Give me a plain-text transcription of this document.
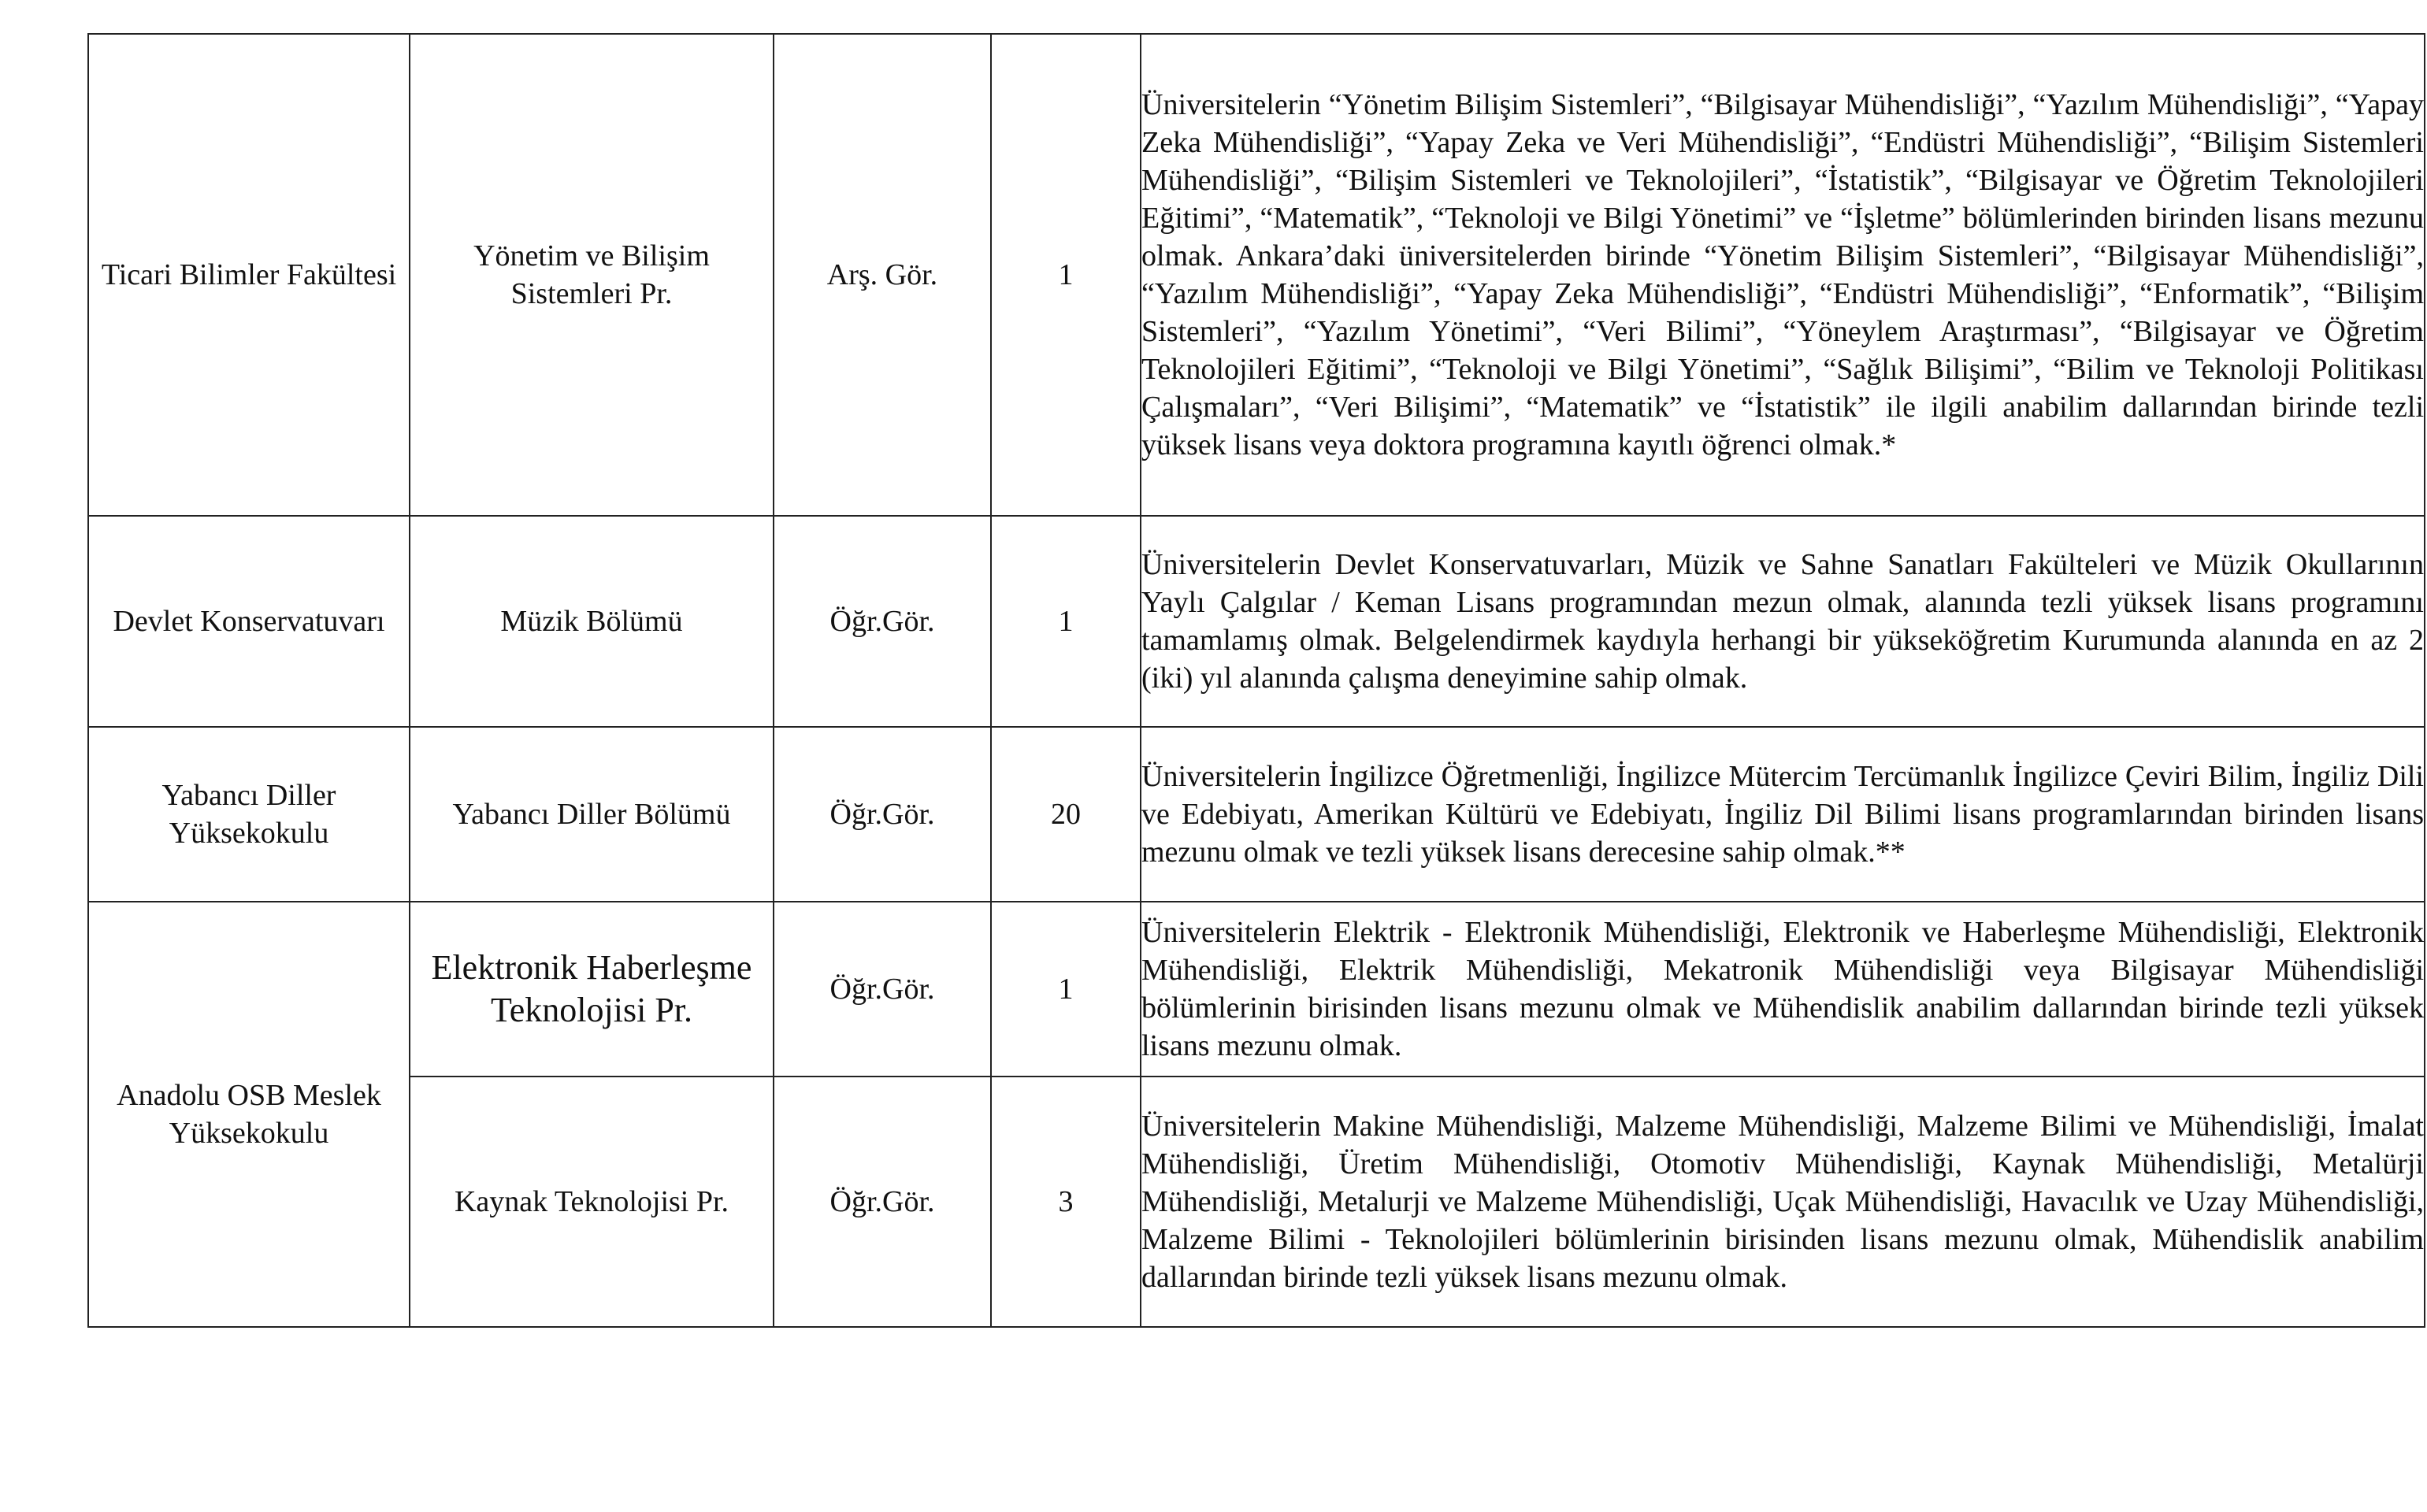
Ticari Bilimler Fakültesi	Yönetim ve Bilişim Sistemleri Pr.	Arş. Gör.	1	Üniversitelerin “Yönetim Bilişim Sistemleri”, “Bilgisayar Mühendisliği”, “Yazılım Mühendisliği”, “Yapay Zeka Mühendisliği”, “Yapay Zeka ve Veri Mühendisliği”, “Endüstri Mühendisliği”, “Bilişim Sistemleri Mühendisliği”, “Bilişim Sistemleri ve Teknolojileri”, “İstatistik”, “Bilgisayar ve Öğretim Teknolojileri Eğitimi”, “Matematik”, “Teknoloji ve Bilgi Yönetimi” ve “İşletme” bölümlerinden birinden lisans mezunu olmak. Ankara’daki üniversitelerden birinde “Yönetim Bilişim Sistemleri”, “Bilgisayar Mühendisliği”, “Yazılım Mühendisliği”, “Yapay Zeka Mühendisliği”, “Endüstri Mühendisliği”, “Enformatik”, “Bilişim Sistemleri”, “Yazılım Yönetimi”, “Veri Bilimi”, “Yöneylem Araştırması”, “Bilgisayar ve Öğretim Teknolojileri Eğitimi”, “Teknoloji ve Bilgi Yönetimi”, “Sağlık Bilişimi”, “Bilim ve Teknoloji Politikası Çalışmaları”, “Veri Bilişimi”, “Matematik” ve “İstatistik” ile ilgili anabilim dallarından birinde tezli yüksek lisans veya doktora programına kayıtlı öğrenci olmak.*
Devlet Konservatuvarı	Müzik Bölümü	Öğr.Gör.	1	Üniversitelerin Devlet Konservatuvarları, Müzik ve Sahne Sanatları Fakülteleri ve Müzik Okullarının Yaylı Çalgılar / Keman Lisans programından mezun olmak, alanında tezli yüksek lisans programını tamamlamış olmak. Belgelendirmek kaydıyla herhangi bir yükseköğretim Kurumunda alanında en az 2 (iki) yıl alanında çalışma deneyimine sahip olmak.
Yabancı Diller Yüksekokulu	Yabancı Diller Bölümü	Öğr.Gör.	20	Üniversitelerin İngilizce Öğretmenliği, İngilizce Mütercim Tercümanlık İngilizce Çeviri Bilim, İngiliz Dili ve Edebiyatı, Amerikan Kültürü ve Edebiyatı, İngiliz Dil Bilimi lisans programlarından birinden lisans mezunu olmak ve tezli yüksek lisans derecesine sahip olmak.**
Anadolu OSB Meslek Yüksekokulu	Elektronik Haberleşme Teknolojisi Pr.	Öğr.Gör.	1	Üniversitelerin Elektrik - Elektronik Mühendisliği, Elektronik ve Haberleşme Mühendisliği, Elektronik Mühendisliği, Elektrik Mühendisliği, Mekatronik Mühendisliği veya Bilgisayar Mühendisliği bölümlerinin birisinden lisans mezunu olmak ve Mühendislik anabilim dallarından birinde tezli yüksek lisans mezunu olmak.
	Kaynak Teknolojisi Pr.	Öğr.Gör.	3	Üniversitelerin Makine Mühendisliği, Malzeme Mühendisliği, Malzeme Bilimi ve Mühendisliği, İmalat Mühendisliği, Üretim Mühendisliği, Otomotiv Mühendisliği, Kaynak Mühendisliği, Metalürji Mühendisliği, Metalurji ve Malzeme Mühendisliği, Uçak Mühendisliği, Havacılık ve Uzay Mühendisliği, Malzeme Bilimi - Teknolojileri bölümlerinin birisinden lisans mezunu olmak, Mühendislik anabilim dallarından birinde tezli yüksek lisans mezunu olmak.
